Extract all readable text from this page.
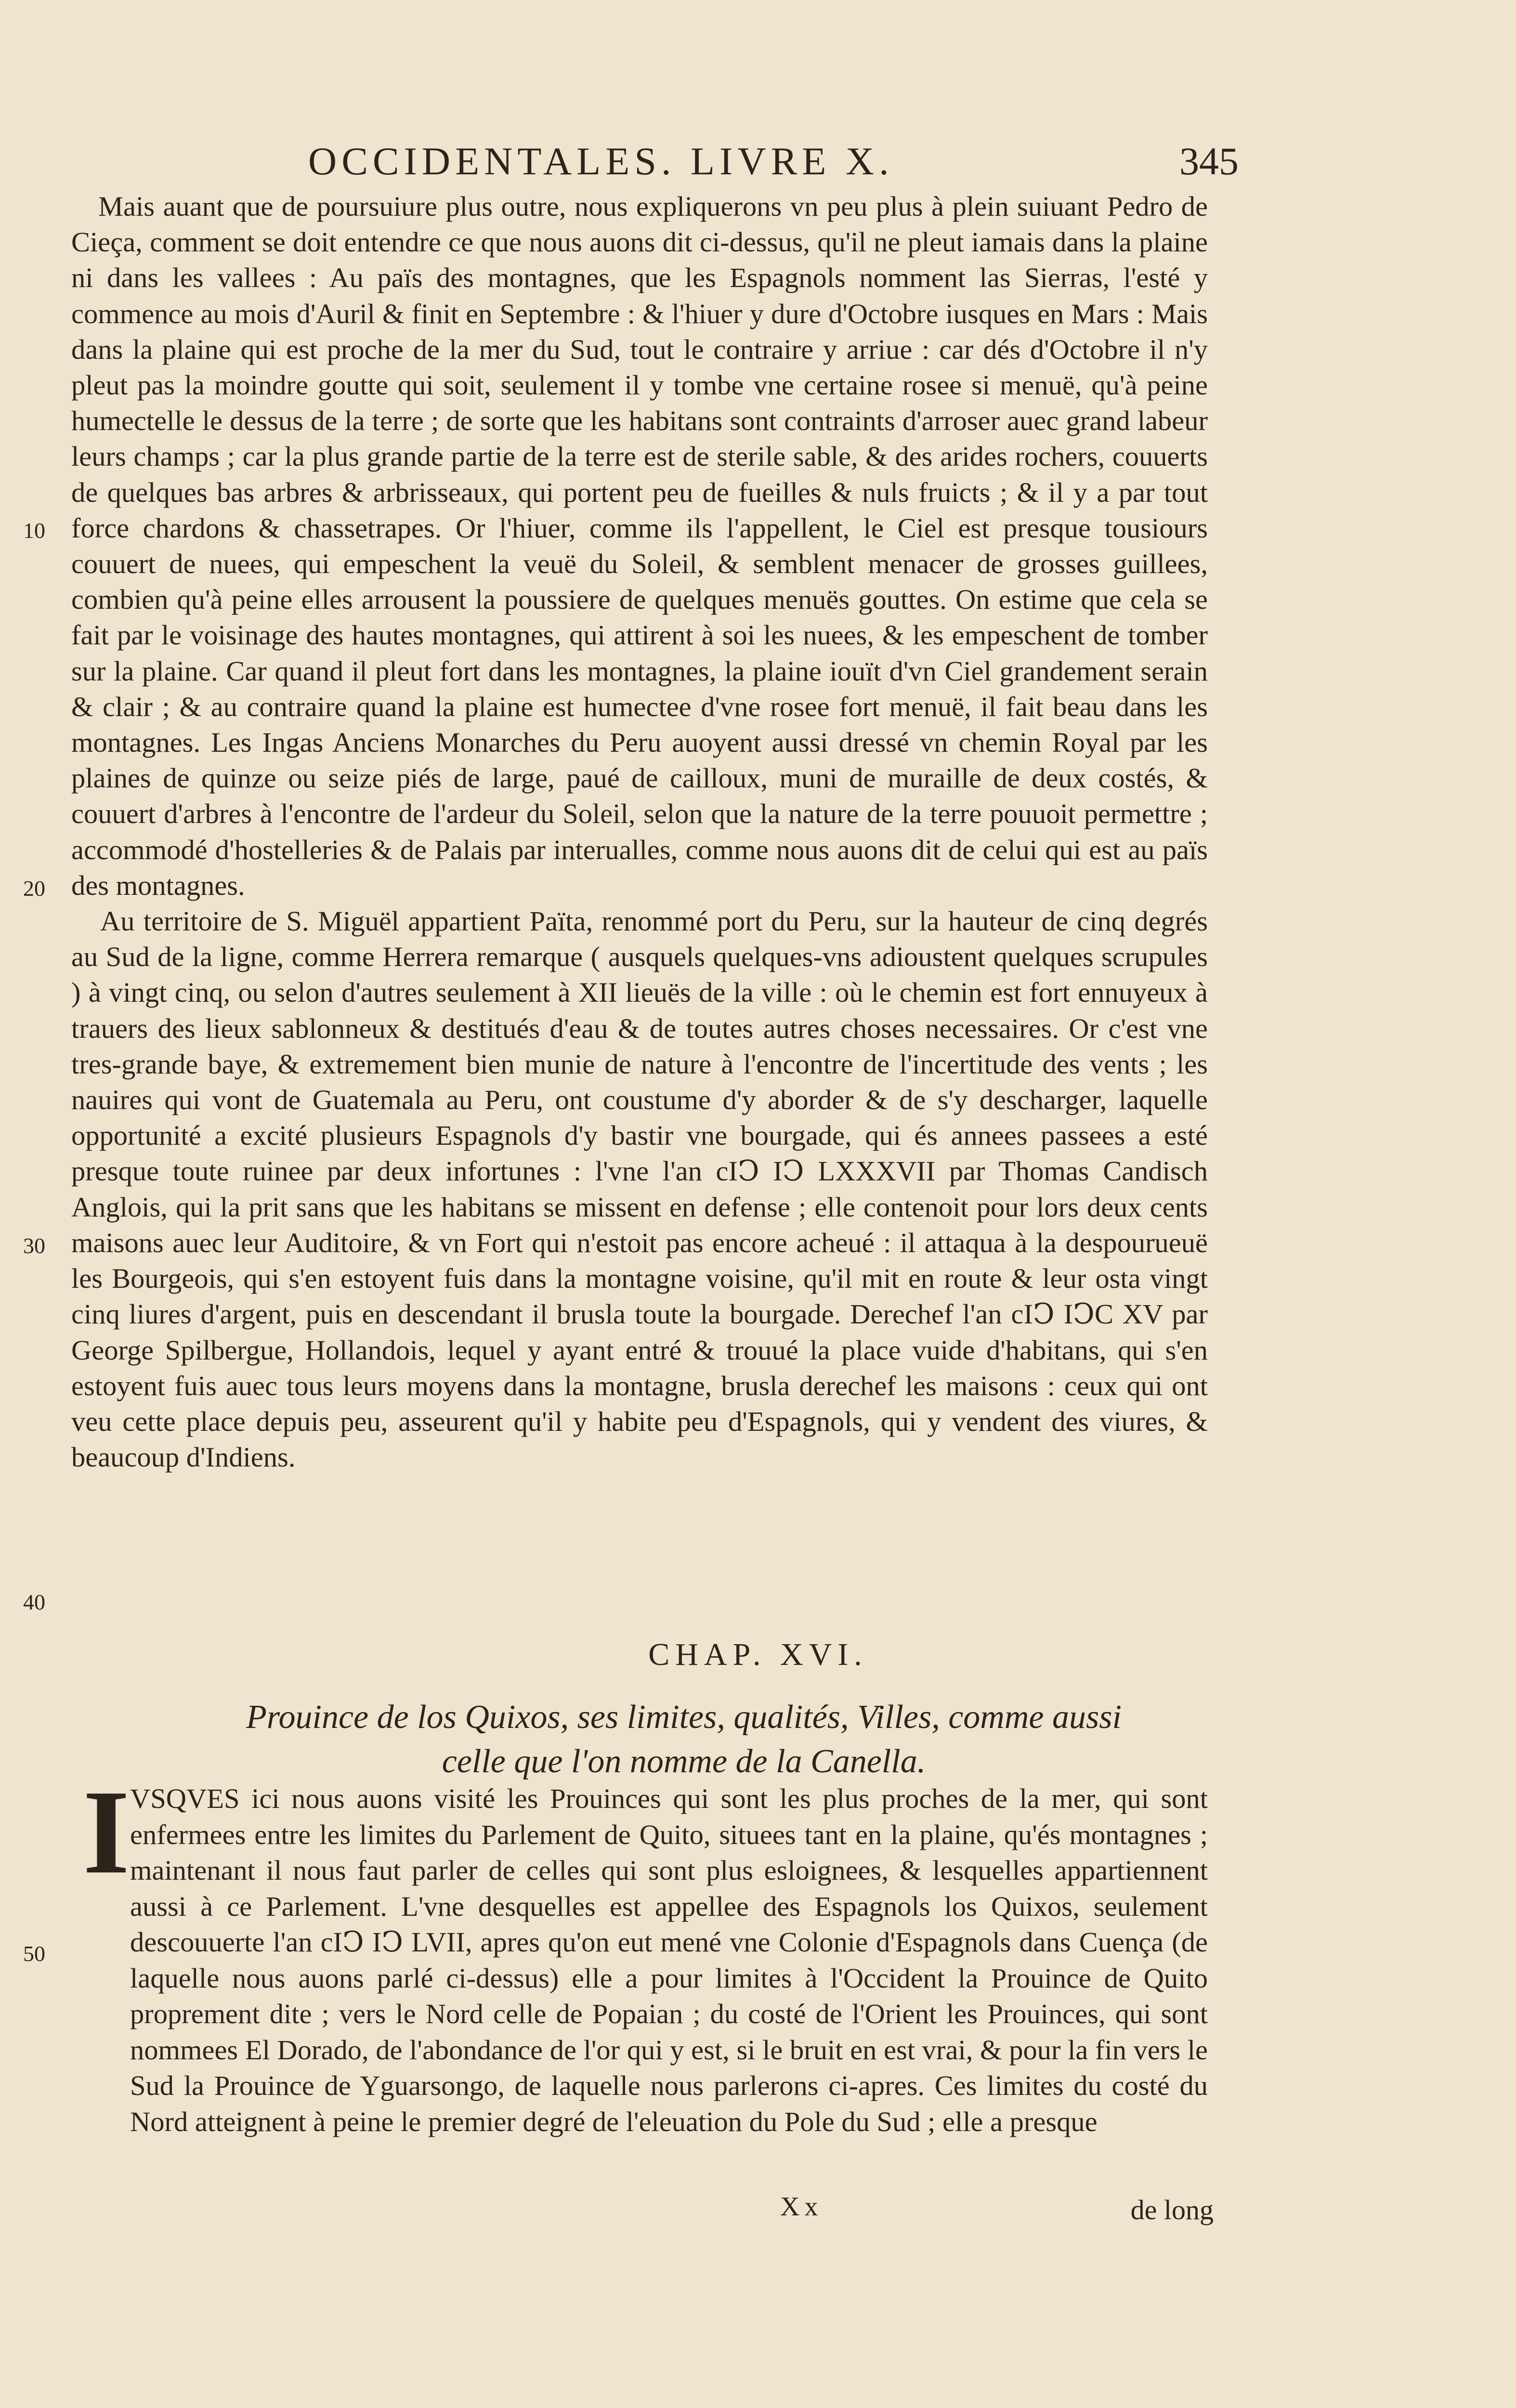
OCCIDENTALES. LIVRE X.	345

Mais auant que de poursuiure plus outre, nous expliquerons vn peu plus à plein suiuant Pedro de Cieça, comment se doit entendre ce que nous auons dit ci-dessus, qu'il ne pleut iamais dans la plaine ni dans les vallees : Au païs des montagnes, que les Espagnols nomment las Sierras, l'esté y commence au mois d'Auril & finit en Septembre : & l'hiuer y dure d'Octobre iusques en Mars : Mais dans la plaine qui est proche de la mer du Sud, tout le contraire y arriue : car dés d'Octobre il n'y pleut pas la moindre goutte qui soit, seulement il y tombe vne certaine rosee si menuë, qu'à peine humectelle le dessus de la terre ; de sorte que les habitans sont contraints d'arroser auec grand labeur leurs champs ; car la plus grande partie de la terre est de sterile sable, & des arides rochers, couuerts de quelques bas arbres & arbrisseaux, qui portent peu de fueilles & nuls fruicts ; & il y a par tout force chardons & chassetrapes. Or l'hiuer, comme ils l'appellent, le Ciel est presque tousiours couuert de nuees, qui empeschent la veuë du Soleil, & semblent menacer de grosses guillees, combien qu'à peine elles arrousent la poussiere de quelques menuës gouttes. On estime que cela se fait par le voisinage des hautes montagnes, qui attirent à soi les nuees, & les empeschent de tomber sur la plaine. Car quand il pleut fort dans les montagnes, la plaine iouït d'vn Ciel grandement serain & clair ; & au contraire quand la plaine est humectee d'vne rosee fort menuë, il fait beau dans les montagnes. Les Ingas Anciens Monarches du Peru auoyent aussi dressé vn chemin Royal par les plaines de quinze ou seize piés de large, paué de cailloux, muni de muraille de deux costés, & couuert d'arbres à l'encontre de l'ardeur du Soleil, selon que la nature de la terre pouuoit permettre ; accommodé d'hostelleries & de Palais par interualles, comme nous auons dit de celui qui est au païs des montagnes.

Au territoire de S. Miguël appartient Païta, renommé port du Peru, sur la hauteur de cinq degrés au Sud de la ligne, comme Herrera remarque ( ausquels quelques-vns adioustent quelques scrupules ) à vingt cinq, ou selon d'autres seulement à XII lieuës de la ville : où le chemin est fort ennuyeux à trauers des lieux sablonneux & destitués d'eau & de toutes autres choses necessaires. Or c'est vne tres-grande baye, & extremement bien munie de nature à l'encontre de l'incertitude des vents ; les nauires qui vont de Guatemala au Peru, ont coustume d'y aborder & de s'y descharger, laquelle opportunité a excité plusieurs Espagnols d'y bastir vne bourgade, qui és annees passees a esté presque toute ruinee par deux infortunes : l'vne l'an cIↃ IↃ LXXXVII par Thomas Candisch Anglois, qui la prit sans que les habitans se missent en defense ; elle contenoit pour lors deux cents maisons auec leur Auditoire, & vn Fort qui n'estoit pas encore acheué : il attaqua à la despourueuë les Bourgeois, qui s'en estoyent fuis dans la montagne voisine, qu'il mit en route & leur osta vingt cinq liures d'argent, puis en descendant il brusla toute la bourgade. Derechef l'an cIↃ IↃC XV par George Spilbergue, Hollandois, lequel y ayant entré & trouué la place vuide d'habitans, qui s'en estoyent fuis auec tous leurs moyens dans la montagne, brusla derechef les maisons : ceux qui ont veu cette place depuis peu, asseurent qu'il y habite peu d'Espagnols, qui y vendent des viures, & beaucoup d'Indiens.

10
20
30
40
50
CHAP. XVI.
Prouince de los Quixos, ses limites, qualités, Villes, comme aussi
celle que l'on nomme de la Canella.
I VSQVES ici nous auons visité les Prouinces qui sont les plus proches de la mer, qui sont enfermees entre les limites du Parlement de Quito, situees tant en la plaine, qu'és montagnes ; maintenant il nous faut parler de celles qui sont plus esloignees, & lesquelles appartiennent aussi à ce Parlement. L'vne desquelles est appellee des Espagnols los Quixos, seulement descouuerte l'an cIↃ IↃ LVII, apres qu'on eut mené vne Colonie d'Espagnols dans Cuença (de laquelle nous auons parlé ci-dessus) elle a pour limites à l'Occident la Prouince de Quito proprement dite ; vers le Nord celle de Popaian ; du costé de l'Orient les Prouinces, qui sont nommees El Dorado, de l'abondance de l'or qui y est, si le bruit en est vrai, & pour la fin vers le Sud la Prouince de Yguarsongo, de laquelle nous parlerons ci-apres. Ces limites du costé du Nord atteignent à peine le premier degré de l'eleuation du Pole du Sud ; elle a presque
Xx	de long
